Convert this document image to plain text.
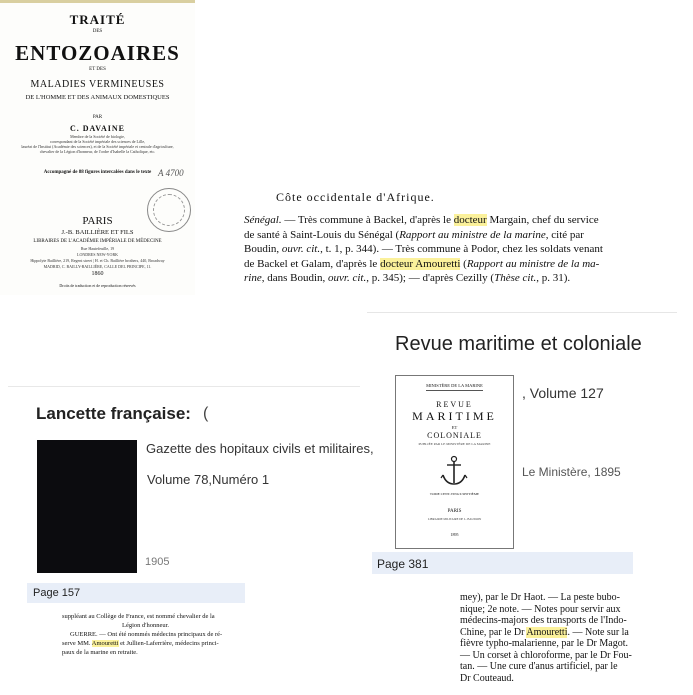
TRAITÉ
DES
ENTOZOAIRES
ET DES
MALADIES VERMINEUSES
DE L'HOMME ET DES ANIMAUX DOMESTIQUES
PAR
C. DAVAINE
Membre de la Société de biologie,
correspondant de la Société impériale des sciences de Lille,
lauréat de l'Institut (Académie des sciences), et de la Société impériale et centrale d'agriculture,
chevalier de la Légion d'honneur, de l'ordre d'Isabelle la Catholique, etc.
Accompagné de 88 figures intercalées dans le texte A 4700
PARIS
J.-B. BAILLIÈRE ET FILS
LIBRAIRES DE L'ACADÉMIE IMPÉRIALE DE MÉDECINE
Rue Hautefeuille, 19
LONDRES NEW-YORK
Hippolyte Baillière, 219, Regent street | H. et Ch. Baillière brothers, 440, Broadway
MADRID, C. BAILLY-BAILLIÈRE, CALLE DEL PRINCIPE, 11.
1860
Droits de traduction et de reproduction réservés
Côte occidentale d'Afrique.
Sénégal. — Très commune à Backel, d'après le docteur Margain, chef du service
de santé à Saint-Louis du Sénégal (Rapport au ministre de la marine, cité par
Boudin, ouvr. cit., t. 1, p. 344). — Très commune à Podor, chez les soldats venant
de Backel et Galam, d'après le docteur Amouretti (Rapport au ministre de la ma-
rine, dans Boudin, ouvr. cit., p. 345); — d'après Cezilly (Thèse cit., p. 31).
Lancette française: (
Gazette des hopitaux civils et militaires,
Volume 78,Numéro 1
1905
Page 157
suppléant au Collège de France, est nommé chevalier de la
Légion d'honneur.
GUERRE. — Ont été nommés médecins principaux de ré-
serve MM. Amouretti et Jullien-Laferrière, médecins princi-
paux de la marine en retraite.
Revue maritime et coloniale
MINISTÈRE DE LA MARINE
REVUE
MARITIME
ET
COLONIALE
PUBLIÉE PAR LE MINISTÈRE DE LA MARINE
TOME CENT-VINGT-SEPTIÈME
PARIS
LIBRAIRIE MILITAIRE DE L. BAUDOIN
1895
, Volume 127
Le Ministère, 1895
Page 381
mey), par le Dr Haot. — La peste bubo-
nique; 2e note. — Notes pour servir aux
médecins-majors des transports de l'Indo-
Chine, par le Dr Amouretti. — Note sur la
fièvre typho-malarienne, par le Dr Magot.
— Un corset à chloroforme, par le Dr Fou-
tan. — Une cure d'anus artificiel, par le
Dr Couteaud.
